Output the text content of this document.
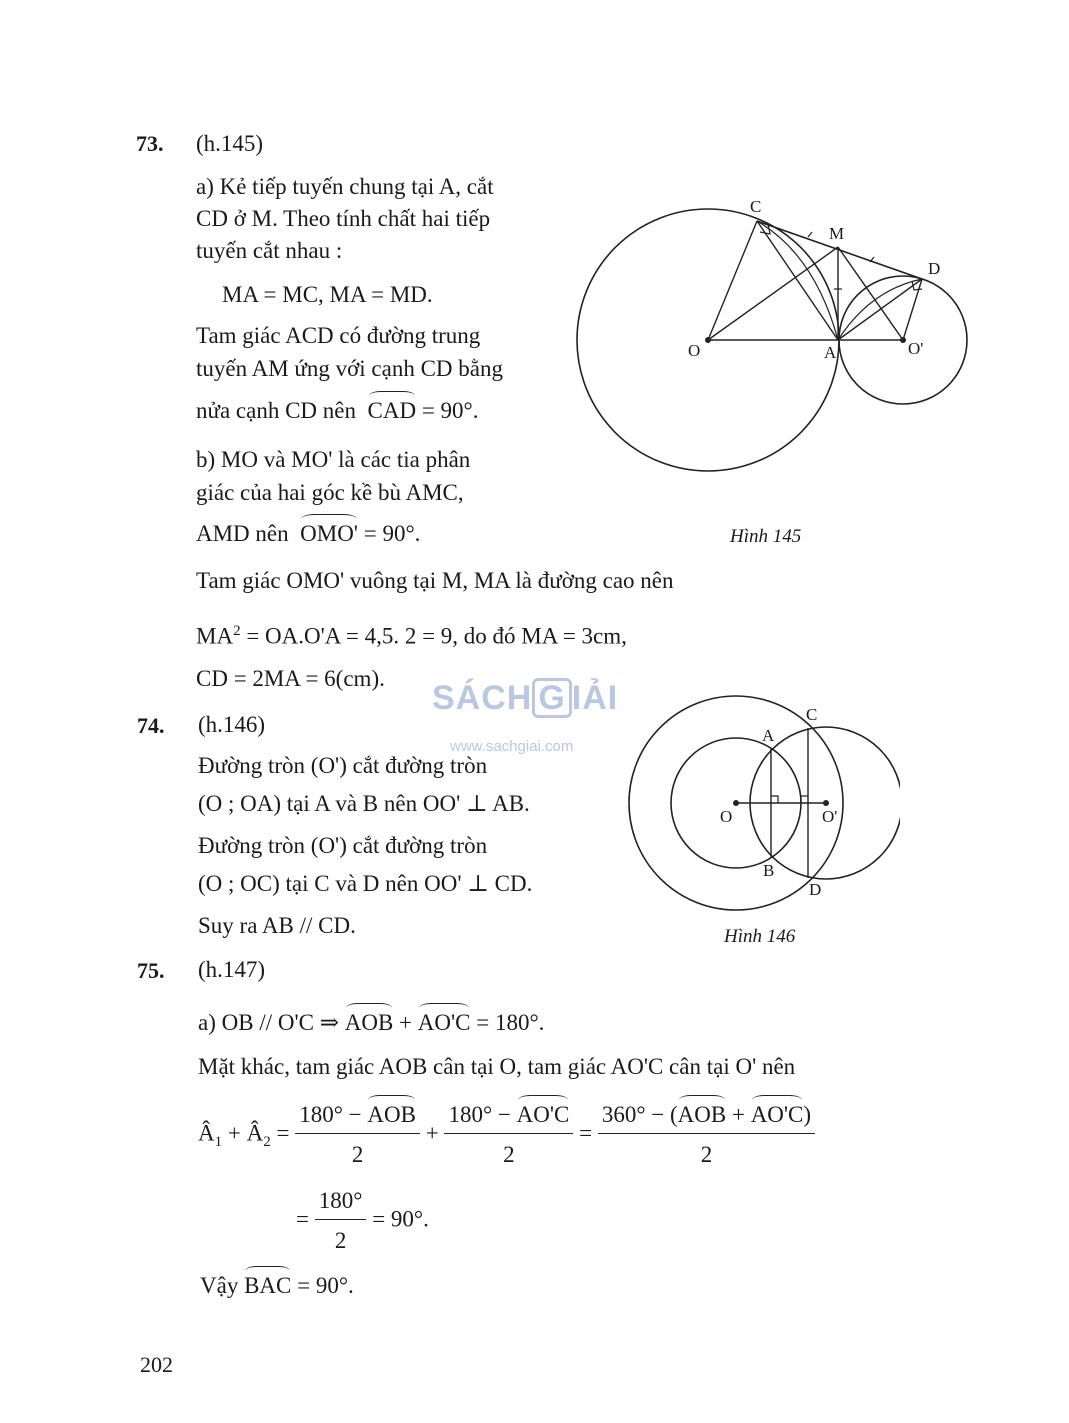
73. (h.145)
a) Kẻ tiếp tuyến chung tại A, cắt
CD ở M. Theo tính chất hai tiếp
tuyến cắt nhau :
MA = MC, MA = MD.
Tam giác ACD có đường trung
tuyến AM ứng với cạnh CD bằng
nửa cạnh CD nên CAD = 90°.
b) MO và MO' là các tia phân
giác của hai góc kề bù AMC,
AMD nên OMO' = 90°.
Tam giác OMO' vuông tại M, MA là đường cao nên
$MA^2 = OA.O'A = 4,5$. 2 = 9, do đó MA = 3cm,
CD = 2MA = 6(cm).
C
M
D
O	A	O'
Hình 145
SÁCH G IẢI
www.sachgiai.com
74. (h.146)
Đường tròn (O') cắt đường tròn
(O ; OA) tại A và B nên OO' ⊥ AB.
Đường tròn (O') cắt đường tròn
(O ; OC) tại C và D nên OO' ⊥ CD.
Suy ra AB // CD.
C
A
O	O'
B
D
Hình 146
75. (h.147)
a) OB // O'C ⇒ AOB + AO'C = 180°.
Mặt khác, tam giác AOB cân tại O, tam giác AO'C cân tại O' nên
$Â_1$ + $Â_2 = \frac{\text{180° − AOB}}{2} + \frac{180^\circ - AO'C}{2} = \frac{\text{360° − (AOB + AO'C)}}{2}$
= $\frac{180^\circ}{2} = 90^\circ$.
Vậy BAC = 90°.
202
